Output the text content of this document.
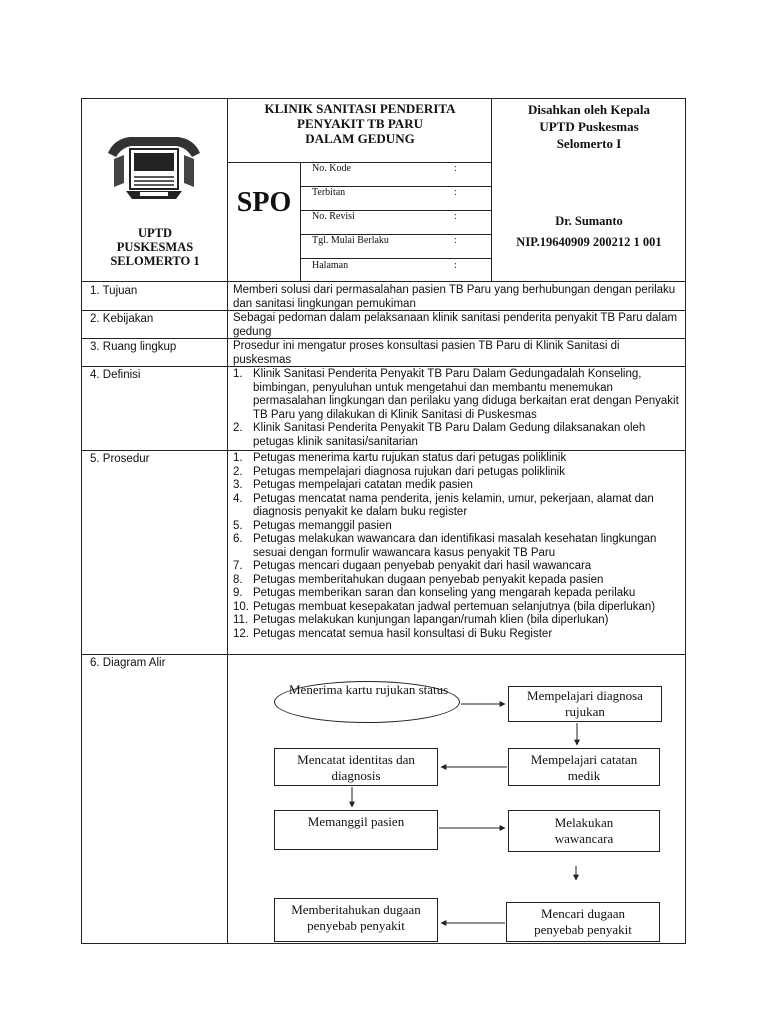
UPTD
PUSKESMAS
SELOMERTO 1
KLINIK SANITASI PENDERITA
PENYAKIT TB PARU
DALAM GEDUNG
SPO
No. Kode	:
Terbitan	:
No. Revisi	:
Tgl. Mulai Berlaku	:
Halaman	:
Disahkan oleh Kepala
UPTD Puskesmas
Selomerto I
Dr. Sumanto
NIP.19640909 200212 1 001
1. Tujuan	Memberi solusi dari permasalahan pasien TB Paru yang berhubungan dengan perilaku dan sanitasi lingkungan pemukiman
2. Kebijakan	Sebagai pedoman dalam pelaksanaan klinik sanitasi penderita penyakit TB Paru dalam gedung
3. Ruang lingkup	Prosedur ini mengatur proses konsultasi pasien TB Paru di Klinik Sanitasi di puskesmas
4. Definisi	1. Klinik Sanitasi Penderita Penyakit TB Paru Dalam Gedungadalah Konseling, bimbingan, penyuluhan untuk mengetahui dan membantu menemukan permasalahan lingkungan dan perilaku yang diduga berkaitan erat dengan Penyakit TB Paru yang dilakukan di Klinik Sanitasi di Puskesmas
2. Klinik Sanitasi Penderita Penyakit TB Paru Dalam Gedung dilaksanakan oleh petugas klinik sanitasi/sanitarian
5. Prosedur	1. Petugas menerima kartu rujukan status dari petugas poliklinik
2. Petugas mempelajari diagnosa rujukan dari petugas poliklinik
3. Petugas mempelajari catatan medik pasien
4. Petugas mencatat nama penderita, jenis kelamin, umur, pekerjaan, alamat dan diagnosis penyakit ke dalam buku register
5. Petugas memanggil pasien
6. Petugas melakukan wawancara dan identifikasi masalah kesehatan lingkungan sesuai dengan formulir wawancara kasus penyakit TB Paru
7. Petugas mencari dugaan penyebab penyakit dari hasil wawancara
8. Petugas memberitahukan dugaan penyebab penyakit kepada pasien
9. Petugas memberikan saran dan konseling yang mengarah kepada perilaku
10. Petugas membuat kesepakatan jadwal pertemuan selanjutnya (bila diperlukan)
11. Petugas melakukan kunjungan lapangan/rumah klien (bila diperlukan)
12. Petugas mencatat semua hasil konsultasi di Buku Register
6. Diagram Alir
Menerima kartu rujukan status	Mempelajari diagnosa rujukan
Mempelajari catatan medik
Mencatat identitas dan diagnosis
Memanggil pasien	Melakukan wawancara
Mencari dugaan penyebab penyakit
Memberitahukan dugaan penyebab penyakit
